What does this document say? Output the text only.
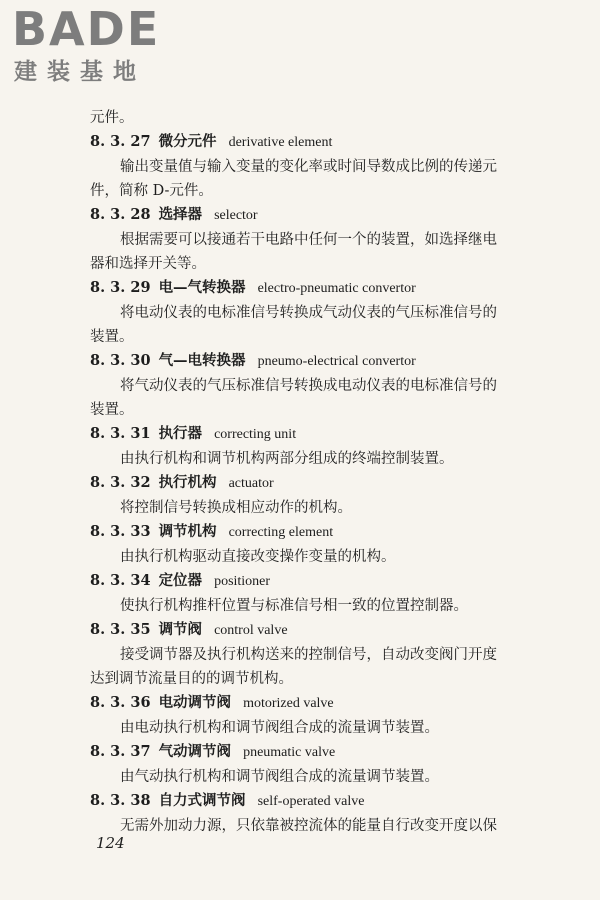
BADE
建装基地
元件。
8. 3. 27 微分元件 derivative element
输出变量值与输入变量的变化率或时间导数成比例的传递元
件，简称 D-元件。
8. 3. 28 选择器 selector
根据需要可以接通若干电路中任何一个的装置，如选择继电
器和选择开关等。
8. 3. 29 电—气转换器 electro-pneumatic convertor
将电动仪表的电标准信号转换成气动仪表的气压标准信号的
装置。
8. 3. 30 气—电转换器 pneumo-electrical convertor
将气动仪表的气压标准信号转换成电动仪表的电标准信号的
装置。
8. 3. 31 执行器 correcting unit
由执行机构和调节机构两部分组成的终端控制装置。
8. 3. 32 执行机构 actuator
将控制信号转换成相应动作的机构。
8. 3. 33 调节机构 correcting element
由执行机构驱动直接改变操作变量的机构。
8. 3. 34 定位器 positioner
使执行机构推杆位置与标准信号相一致的位置控制器。
8. 3. 35 调节阀 control valve
接受调节器及执行机构送来的控制信号，自动改变阀门开度
达到调节流量目的的调节机构。
8. 3. 36 电动调节阀 motorized valve
由电动执行机构和调节阀组合成的流量调节装置。
8. 3. 37 气动调节阀 pneumatic valve
由气动执行机构和调节阀组合成的流量调节装置。
8. 3. 38 自力式调节阀 self-operated valve
无需外加动力源，只依靠被控流体的能量自行改变开度以保
124
